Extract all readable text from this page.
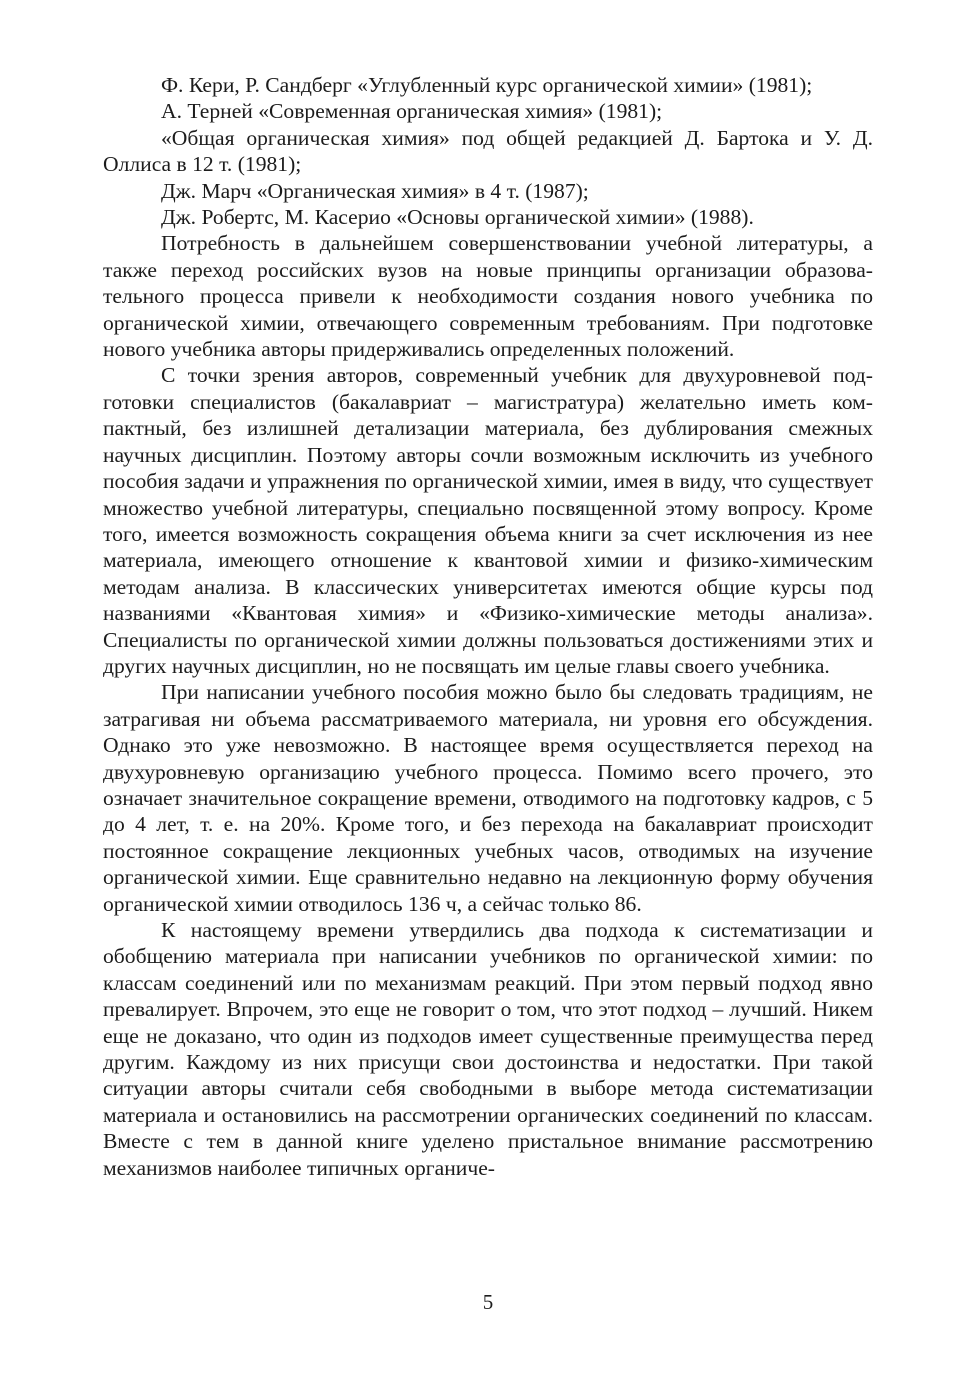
Ф. Кери, Р. Сандберг «Углубленный курс органической химии» (1981);

А. Терней «Современная органическая химия» (1981);

«Общая органическая химия» под общей редакцией Д. Бартока и У. Д. Оллиса в 12 т. (1981);

Дж. Марч «Органическая химия» в 4 т. (1987);

Дж. Робертс, М. Касерио «Основы органической химии» (1988).

Потребность в дальнейшем совершенствовании учебной литературы, а также переход российских вузов на новые принципы организации образовательного процесса привели к необходимости создания нового учебника по органической химии, отвечающего современным требованиям. При подготовке нового учебника авторы придерживались определенных положений.

С точки зрения авторов, современный учебник для двухуровневой подготовки специалистов (бакалавриат – магистратура) желательно иметь компактный, без излишней детализации материала, без дублирования смежных научных дисциплин. Поэтому авторы сочли возможным исключить из учебного пособия задачи и упражнения по органической химии, имея в виду, что существует множество учебной литературы, специально посвященной этому вопросу. Кроме того, имеется возможность сокращения объема книги за счет исключения из нее материала, имеющего отношение к квантовой химии и физико-химическим методам анализа. В классических университетах имеются общие курсы под названиями «Квантовая химия» и «Физико-химические методы анализа». Специалисты по органической химии должны пользоваться достижениями этих и других научных дисциплин, но не посвящать им целые главы своего учебника.

При написании учебного пособия можно было бы следовать традициям, не затрагивая ни объема рассматриваемого материала, ни уровня его обсуждения. Однако это уже невозможно. В настоящее время осуществляется переход на двухуровневую организацию учебного процесса. Помимо всего прочего, это означает значительное сокращение времени, отводимого на подготовку кадров, с 5 до 4 лет, т. е. на 20%. Кроме того, и без перехода на бакалавриат происходит постоянное сокращение лекционных учебных часов, отводимых на изучение органической химии. Еще сравнительно недавно на лекционную форму обучения органической химии отводилось 136 ч, а сейчас только 86.

К настоящему времени утвердились два подхода к систематизации и обобщению материала при написании учебников по органической химии: по классам соединений или по механизмам реакций. При этом первый подход явно превалирует. Впрочем, это еще не говорит о том, что этот подход – лучший. Никем еще не доказано, что один из подходов имеет существенные преимущества перед другим. Каждому из них присущи свои достоинства и недостатки. При такой ситуации авторы считали себя свободными в выборе метода систематизации материала и остановились на рассмотрении органических соединений по классам. Вместе с тем в данной книге уделено пристальное внимание рассмотрению механизмов наиболее типичных органиче-

5
